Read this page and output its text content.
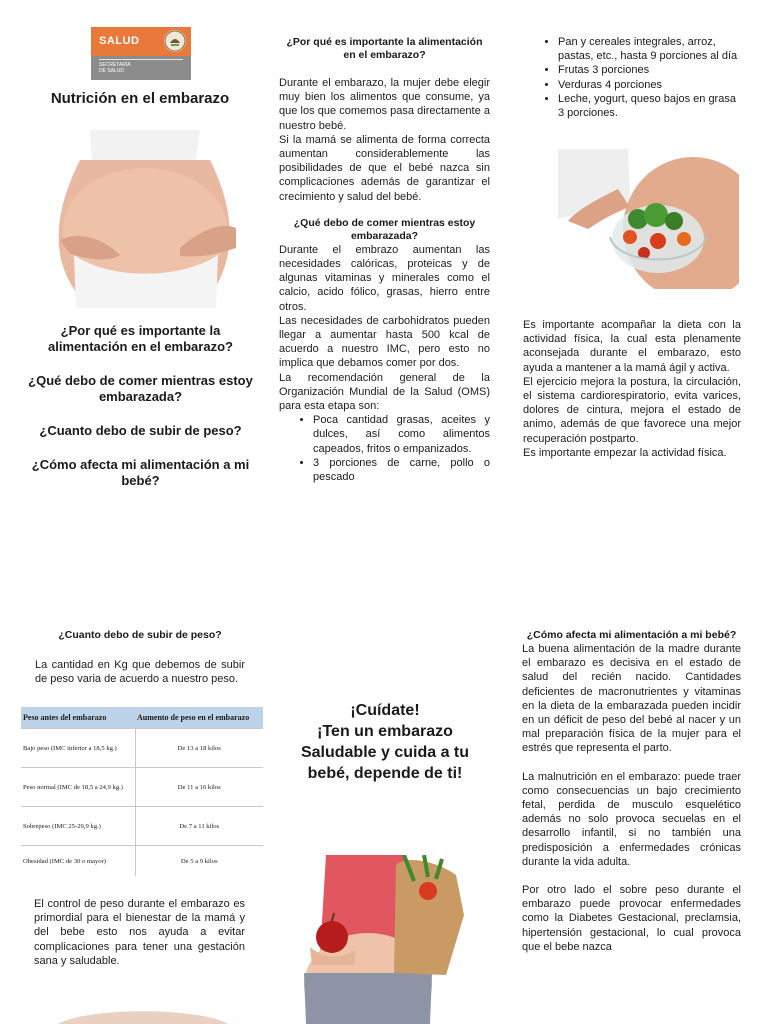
SALUD
SECRETARÍA
DE SALUD
Nutrición en el embarazo

¿Por qué es importante la alimentación en el embarazo?

¿Qué debo de comer mientras estoy embarazada?

¿Cuanto debo de subir de peso?

¿Cómo afecta mi alimentación a mi bebé?

¿Por qué es importante la alimentación en el embarazo?

Durante el embarazo, la mujer debe elegir muy bien los alimentos que consume, ya que los que comemos pasa directamente a nuestro bebé.

Si la mamá se alimenta de forma correcta aumentan considerablemente las posibilidades de que el bebé nazca sin complicaciones además de garantizar el crecimiento y salud del bebé.

¿Qué debo de comer mientras estoy embarazada?

Durante el embrazo aumentan las necesidades calóricas, proteicas y de algunas vitaminas y minerales como el calcio, acido fólico, grasas, hierro entre otros.

Las necesidades de carbohidratos pueden llegar a aumentar hasta 500 kcal de acuerdo a nuestro IMC, pero esto no implica que debamos comer por dos.

La recomendación general de la Organización Mundial de la Salud (OMS) para esta etapa son:

• Poca cantidad grasas, aceites y dulces, así como alimentos capeados, fritos o empanizados.
• 3 porciones de carne, pollo o pescado
• Pan y cereales integrales, arroz, pastas, etc., hasta 9 porciones al día
• Frutas 3 porciones
• Verduras 4 porciones
• Leche, yogurt, queso bajos en grasa 3 porciones.

Es importante acompañar la dieta con la actividad física, la cual esta plenamente aconsejada durante el embarazo, esto ayuda a mantener a la mamá ágil y activa.

El ejercicio mejora la postura, la circulación, el sistema cardiorespiratorio, evita varices, dolores de cintura, mejora el estado de animo, además de que favorece una mejor recuperación postparto.

Es importante empezar la actividad física.

¿Cuanto debo de subir de peso?

La cantidad en Kg que debemos de subir de peso varia de acuerdo a nuestro peso.

Peso antes del embarazo	Aumento de peso en el embarazo
Bajo peso (IMC inferior a 18,5 kg.)	De 13 a 18 kilos
Peso normal (IMC de 18,5 a 24,9 kg.)	De 11 a 16 kilos
Sobrepeso (IMC 25-29,9 kg.)	De 7 a 11 kilos
Obesidad (IMC de 30 o mayor)	De 5 a 9 kilos

El control de peso durante el embarazo es primordial para el bienestar de la mamá y del bebe esto nos ayuda a evitar complicaciones para tener una gestación sana y saludable.

¡Cuídate!

¡Ten un embarazo Saludable y cuida a tu bebé, depende de ti!

¿Cómo afecta mi alimentación a mi bebé?

La buena alimentación de la madre durante el embarazo es decisiva en el estado de salud del recién nacido. Cantidades deficientes de macronutrientes y vitaminas en la dieta de la embarazada pueden incidir en un déficit de peso del bebé al nacer y un mal preparación física de la mujer para el estrés que representa el parto.

La malnutrición en el embarazo: puede traer como consecuencias un bajo crecimiento fetal, perdida de musculo esquelético además no solo provoca secuelas en el desarrollo infantil, si no también una predisposición a enfermedades crónicas durante la vida adulta.

Por otro lado el sobre peso durante el embarazo puede provocar enfermedades como la Diabetes Gestacional, preclamsia, hipertensión gestacional, lo cual provoca que el bebe nazca
